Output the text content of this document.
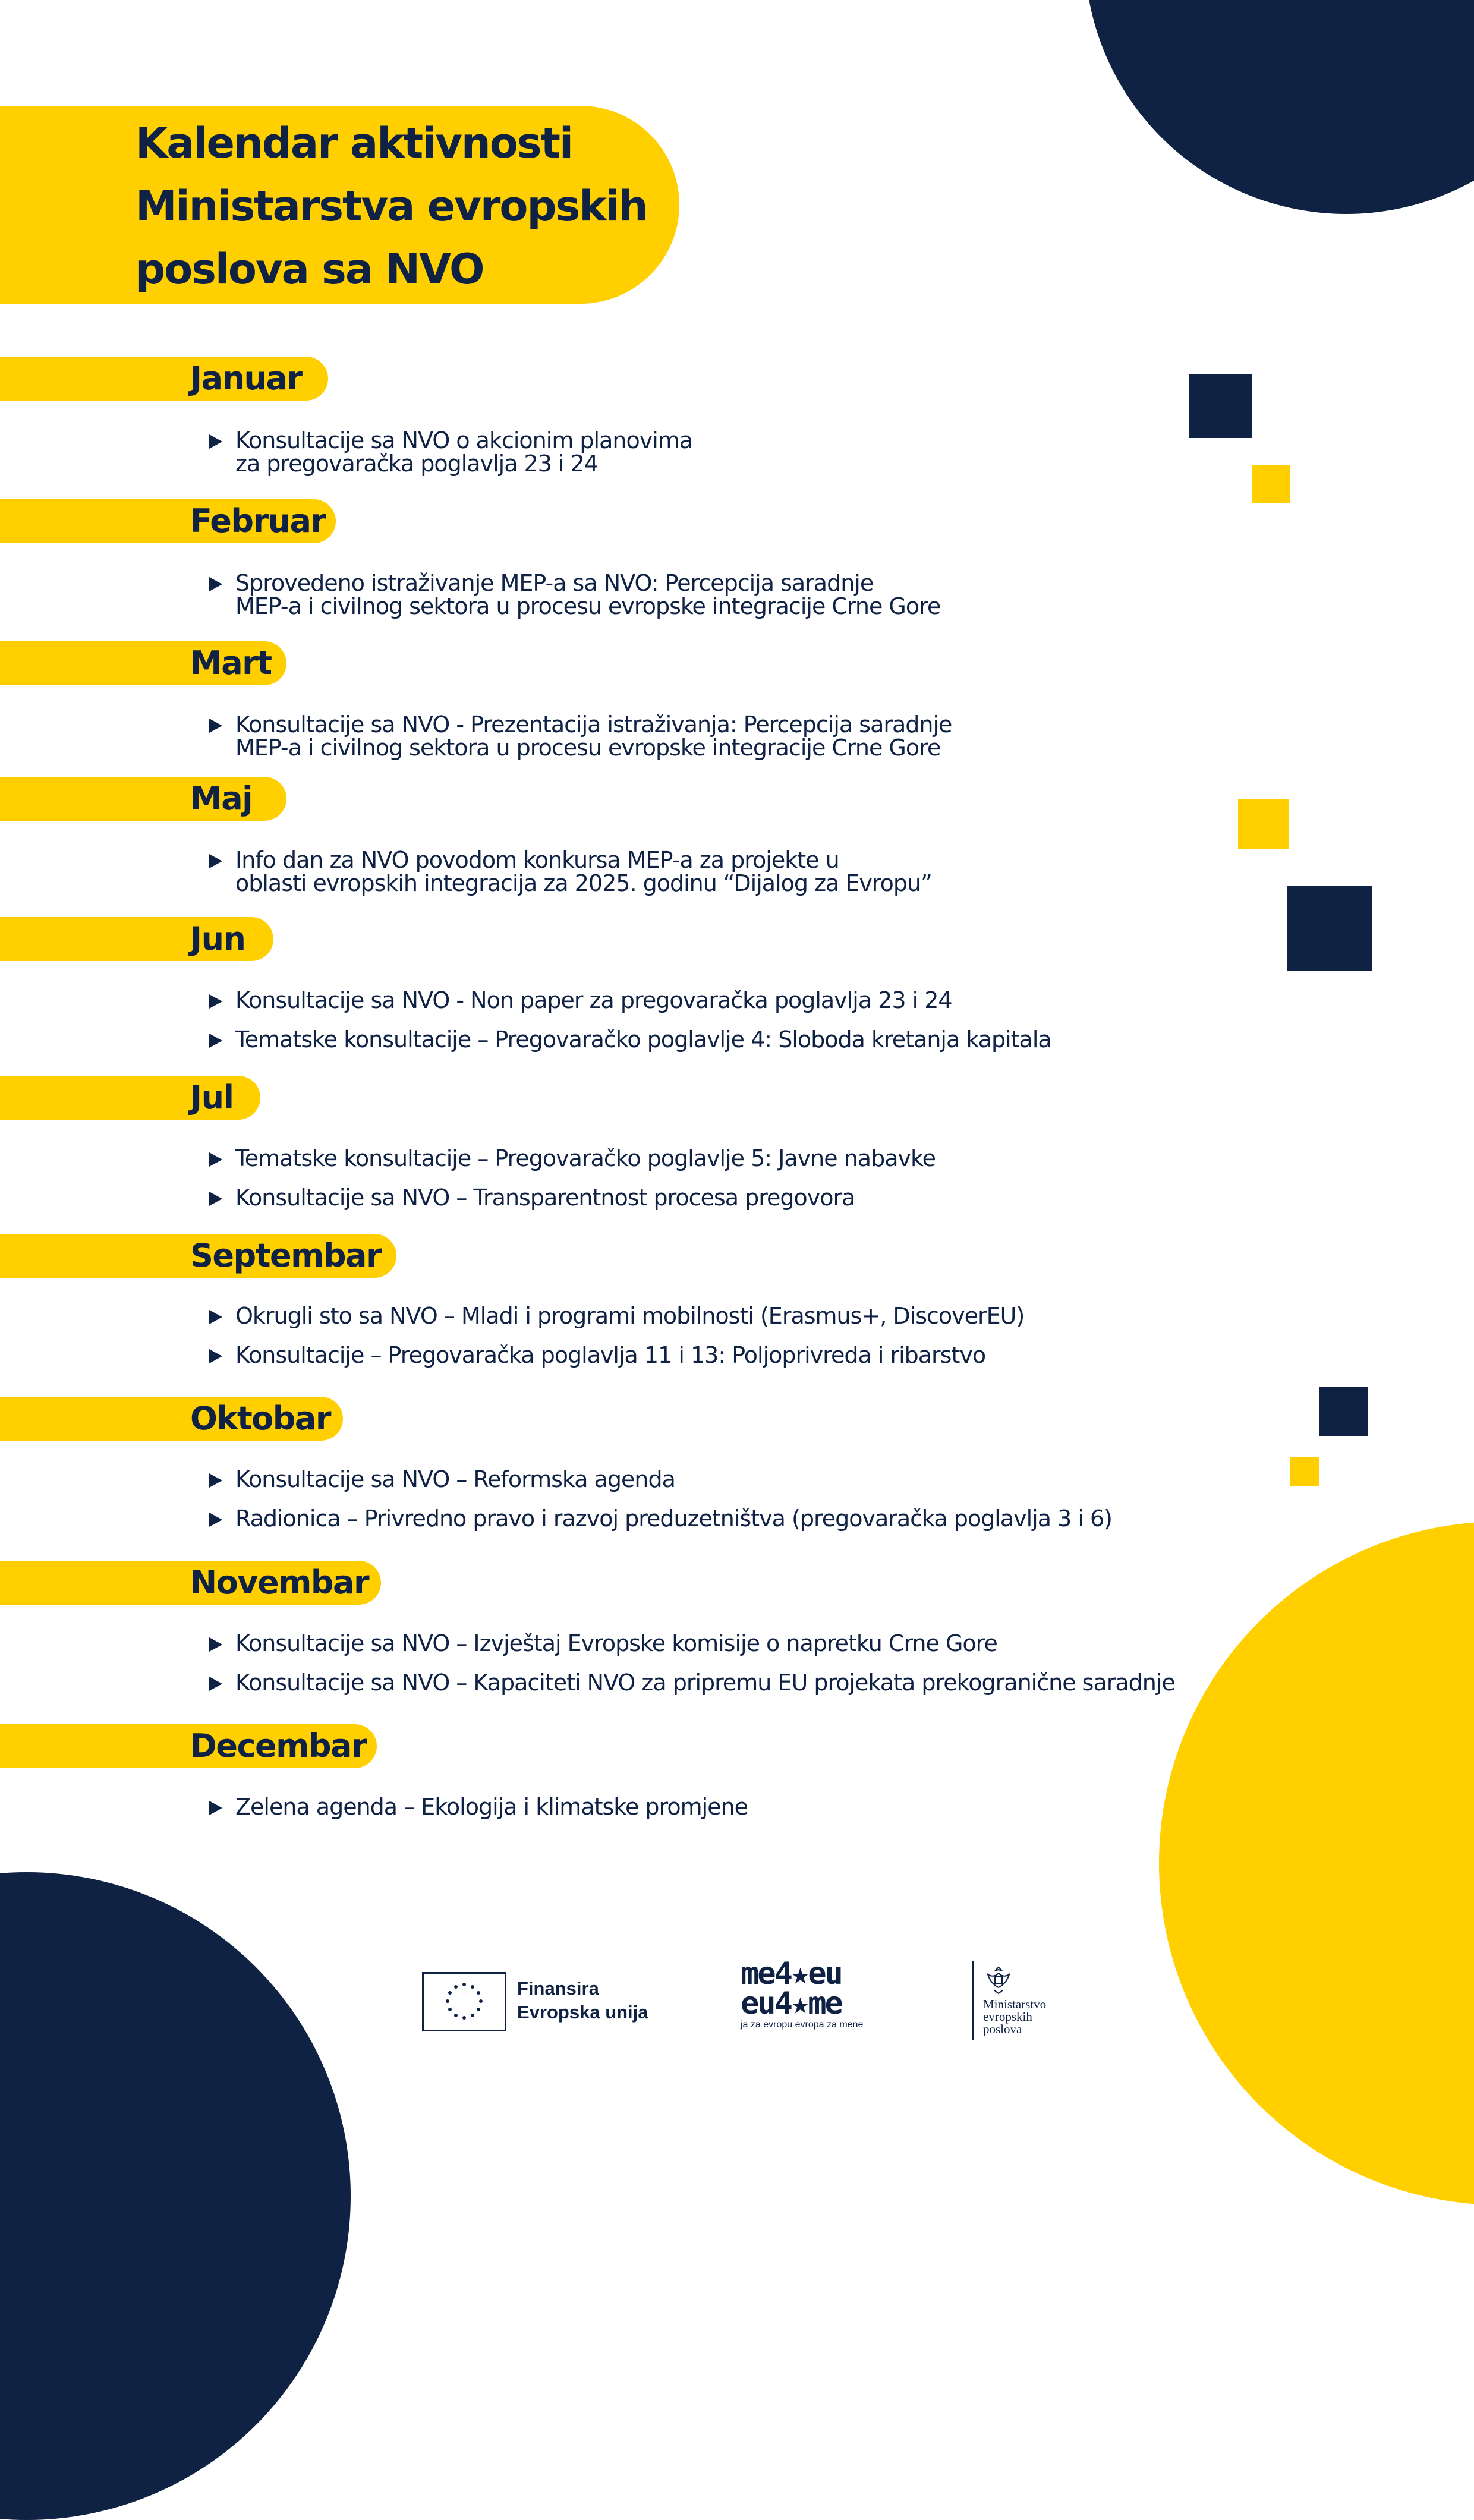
Kalendar aktivnosti
Ministarstva evropskih
poslova sa NVO
Januar
Konsultacije sa NVO o akcionim planovima
za pregovaračka poglavlja 23 i 24
Februar
Sprovedeno istraživanje MEP-a sa NVO: Percepcija saradnje
MEP-a i civilnog sektora u procesu evropske integracije Crne Gore
Mart
Konsultacije sa NVO - Prezentacija istraživanja: Percepcija saradnje
MEP-a i civilnog sektora u procesu evropske integracije Crne Gore
Maj
Info dan za NVO povodom konkursa MEP-a za projekte u
oblasti evropskih integracija za 2025. godinu “Dijalog za Evropu”
Jun
Konsultacije sa NVO - Non paper za pregovaračka poglavlja 23 i 24
Tematske konsultacije – Pregovaračko poglavlje 4: Sloboda kretanja kapitala
Jul
Tematske konsultacije – Pregovaračko poglavlje 5: Javne nabavke
Konsultacije sa NVO – Transparentnost procesa pregovora
Septembar
Okrugli sto sa NVO – Mladi i programi mobilnosti (Erasmus+, DiscoverEU)
Konsultacije – Pregovaračka poglavlja 11 i 13: Poljoprivreda i ribarstvo
Oktobar
Konsultacije sa NVO – Reformska agenda
Radionica – Privredno pravo i razvoj preduzetništva (pregovaračka poglavlja 3 i 6)
Novembar
Konsultacije sa NVO – Izvještaj Evropske komisije o napretku Crne Gore
Konsultacije sa NVO – Kapaciteti NVO za pripremu EU projekata prekogranične saradnje
Decembar
Zelena agenda – Ekologija i klimatske promjene
Finansira
Evropska unija
me4★eu
eu4★me
ja za evropu evropa za mene
Ministarstvo
evropskih
poslova
